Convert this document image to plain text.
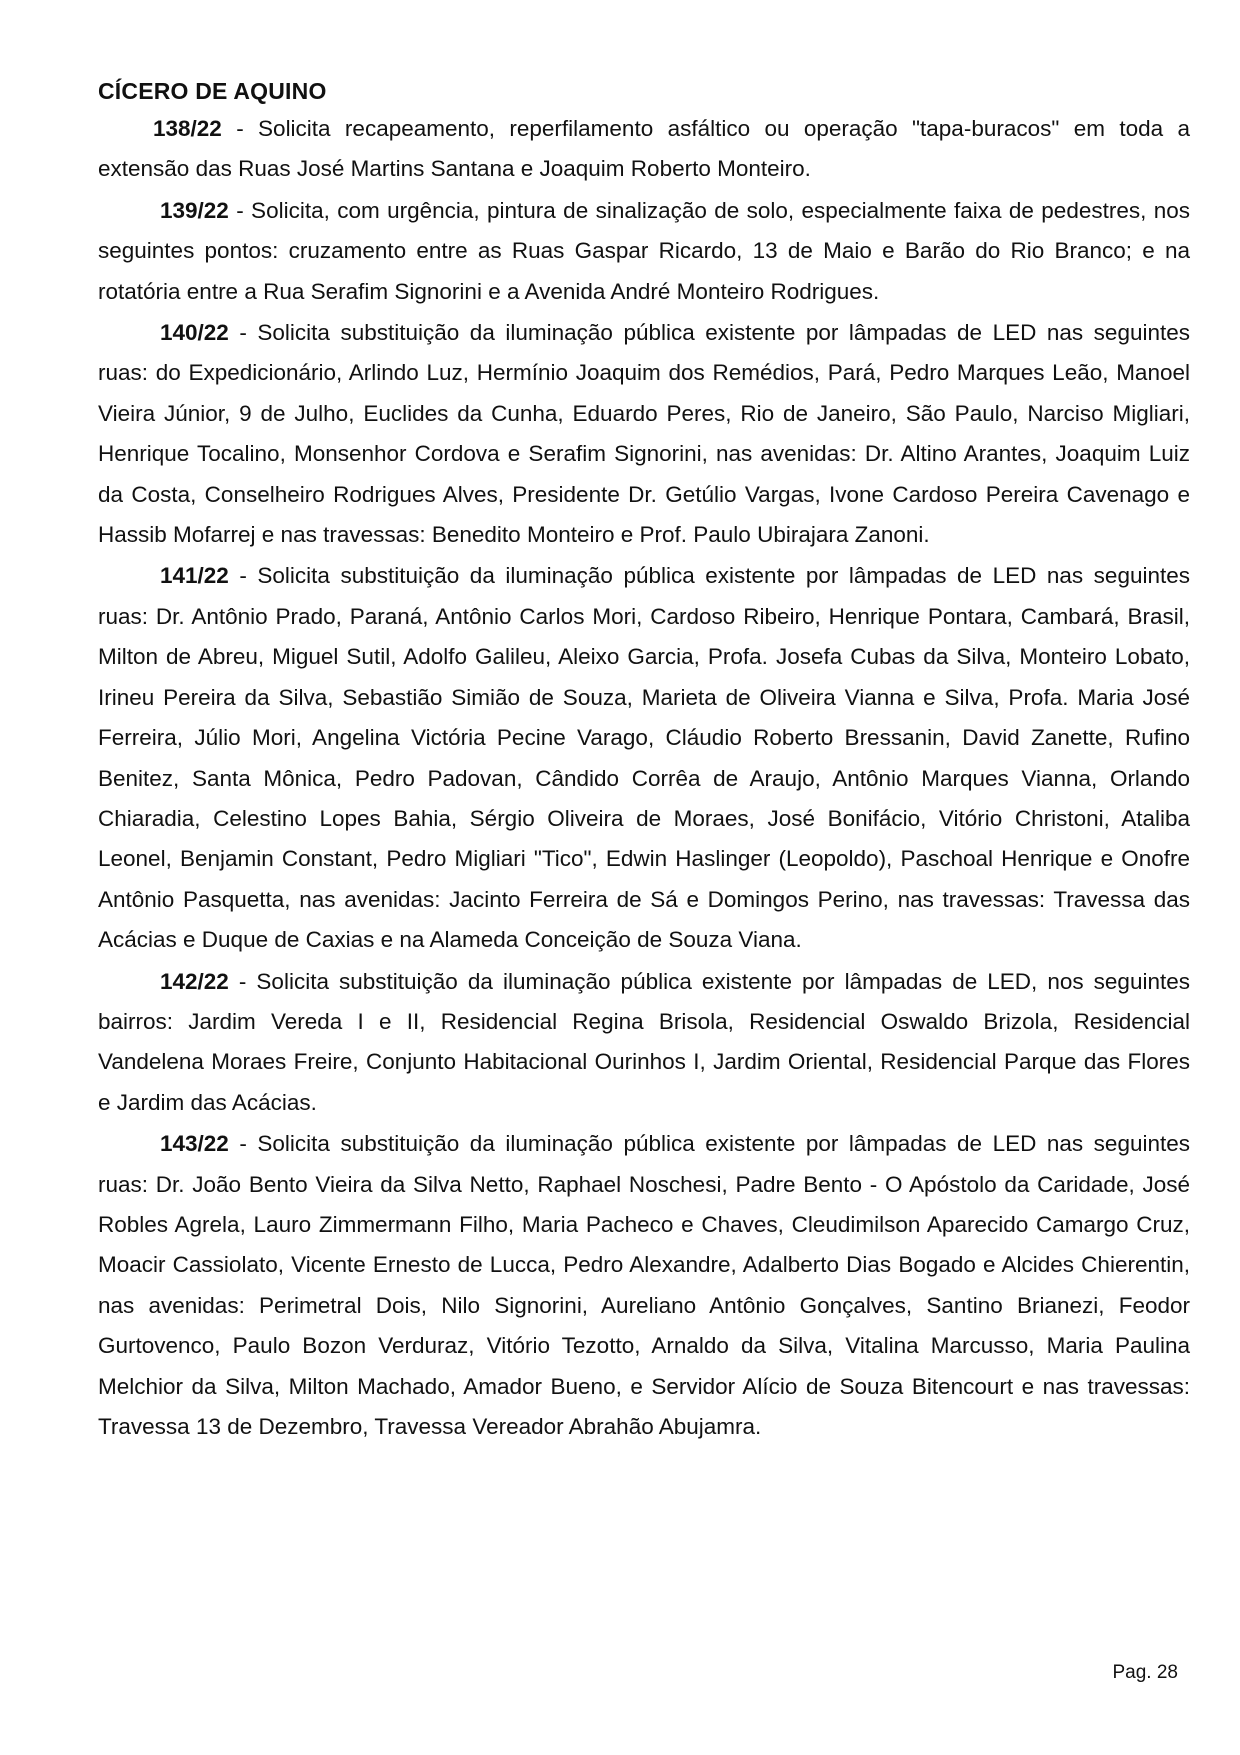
CÍCERO DE AQUINO

138/22 - Solicita recapeamento, reperfilamento asfáltico ou operação "tapa-buracos" em toda a extensão das Ruas José Martins Santana e Joaquim Roberto Monteiro.

139/22 - Solicita, com urgência, pintura de sinalização de solo, especialmente faixa de pedestres, nos seguintes pontos: cruzamento entre as Ruas Gaspar Ricardo, 13 de Maio e Barão do Rio Branco; e na rotatória entre a Rua Serafim Signorini e a Avenida André Monteiro Rodrigues.

140/22 - Solicita substituição da iluminação pública existente por lâmpadas de LED nas seguintes ruas: do Expedicionário, Arlindo Luz, Hermínio Joaquim dos Remédios, Pará, Pedro Marques Leão, Manoel Vieira Júnior, 9 de Julho, Euclides da Cunha, Eduardo Peres, Rio de Janeiro, São Paulo, Narciso Migliari, Henrique Tocalino, Monsenhor Cordova e Serafim Signorini, nas avenidas: Dr. Altino Arantes, Joaquim Luiz da Costa, Conselheiro Rodrigues Alves, Presidente Dr. Getúlio Vargas, Ivone Cardoso Pereira Cavenago e Hassib Mofarrej e nas travessas: Benedito Monteiro e Prof. Paulo Ubirajara Zanoni.

141/22 - Solicita substituição da iluminação pública existente por lâmpadas de LED nas seguintes ruas: Dr. Antônio Prado, Paraná, Antônio Carlos Mori, Cardoso Ribeiro, Henrique Pontara, Cambará, Brasil, Milton de Abreu, Miguel Sutil, Adolfo Galileu, Aleixo Garcia, Profa. Josefa Cubas da Silva, Monteiro Lobato, Irineu Pereira da Silva, Sebastião Simião de Souza, Marieta de Oliveira Vianna e Silva, Profa. Maria José Ferreira, Júlio Mori, Angelina Victória Pecine Varago, Cláudio Roberto Bressanin, David Zanette, Rufino Benitez, Santa Mônica, Pedro Padovan, Cândido Corrêa de Araujo, Antônio Marques Vianna, Orlando Chiaradia, Celestino Lopes Bahia, Sérgio Oliveira de Moraes, José Bonifácio, Vitório Christoni, Ataliba Leonel, Benjamin Constant, Pedro Migliari "Tico", Edwin Haslinger (Leopoldo), Paschoal Henrique e Onofre Antônio Pasquetta, nas avenidas: Jacinto Ferreira de Sá e Domingos Perino, nas travessas: Travessa das Acácias e Duque de Caxias e na Alameda Conceição de Souza Viana.

142/22 - Solicita substituição da iluminação pública existente por lâmpadas de LED, nos seguintes bairros: Jardim Vereda I e II, Residencial Regina Brisola, Residencial Oswaldo Brizola, Residencial Vandelena Moraes Freire, Conjunto Habitacional Ourinhos I, Jardim Oriental, Residencial Parque das Flores e Jardim das Acácias.

143/22 - Solicita substituição da iluminação pública existente por lâmpadas de LED nas seguintes ruas: Dr. João Bento Vieira da Silva Netto, Raphael Noschesi, Padre Bento - O Apóstolo da Caridade, José Robles Agrela, Lauro Zimmermann Filho, Maria Pacheco e Chaves, Cleudimilson Aparecido Camargo Cruz, Moacir Cassiolato, Vicente Ernesto de Lucca, Pedro Alexandre, Adalberto Dias Bogado e Alcides Chierentin, nas avenidas: Perimetral Dois, Nilo Signorini, Aureliano Antônio Gonçalves, Santino Brianezi, Feodor Gurtovenco, Paulo Bozon Verduraz, Vitório Tezotto, Arnaldo da Silva, Vitalina Marcusso, Maria Paulina Melchior da Silva, Milton Machado, Amador Bueno, e Servidor Alício de Souza Bitencourt e nas travessas: Travessa 13 de Dezembro, Travessa Vereador Abrahão Abujamra.

Pag. 28
